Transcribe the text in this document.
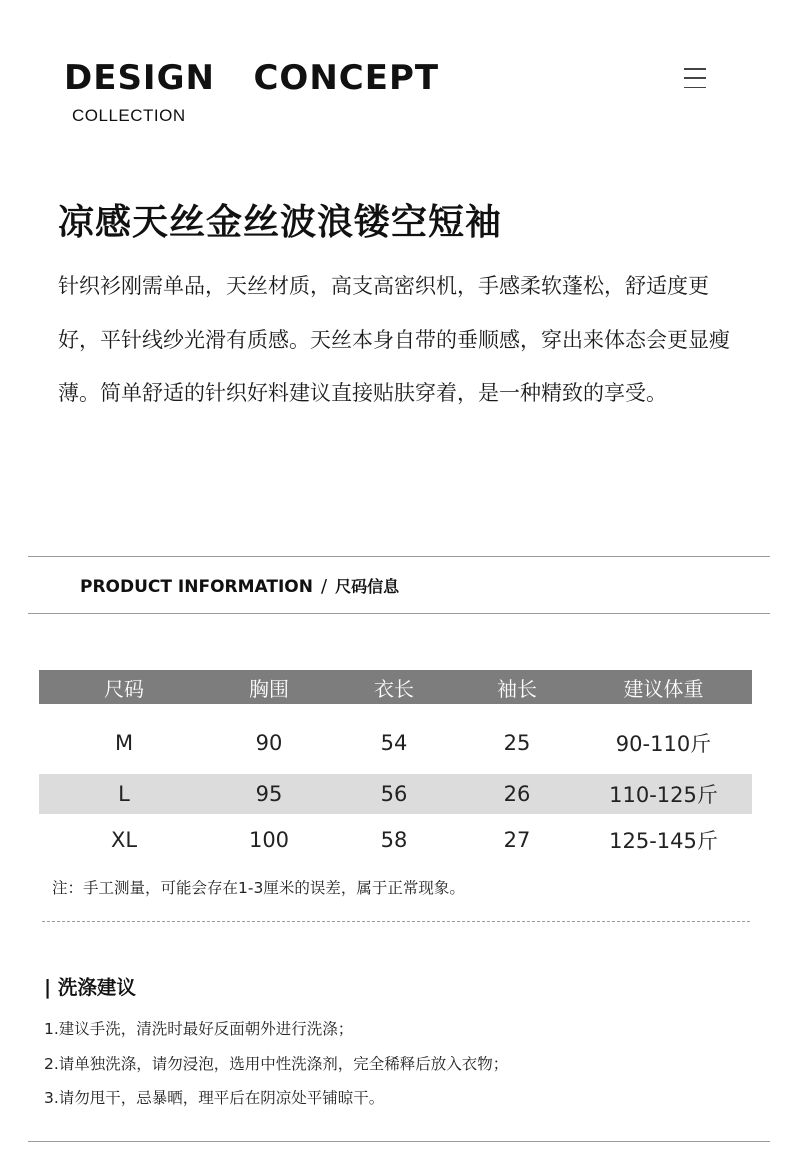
DESIGN   CONCEPT
COLLECTION
凉感天丝金丝波浪镂空短袖

针织衫刚需单品，天丝材质，高支高密织机，手感柔软蓬松，舒适度更好，平针线纱光滑有质感。天丝本身自带的垂顺感，穿出来体态会更显瘦薄。简单舒适的针织好料建议直接贴肤穿着，是一种精致的享受。

PRODUCT INFORMATION / 尺码信息
尺码	胸围	衣长	袖长	建议体重
M	90	54	25	90-110斤
L	95	56	26	110-125斤
XL	100	58	27	125-145斤
注：手工测量，可能会存在1-3厘米的误差，属于正常现象。
| 洗涤建议
1.建议手洗，清洗时最好反面朝外进行洗涤；
2.请单独洗涤，请勿浸泡，选用中性洗涤剂，完全稀释后放入衣物；
3.请勿甩干，忌暴晒，理平后在阴凉处平铺晾干。
